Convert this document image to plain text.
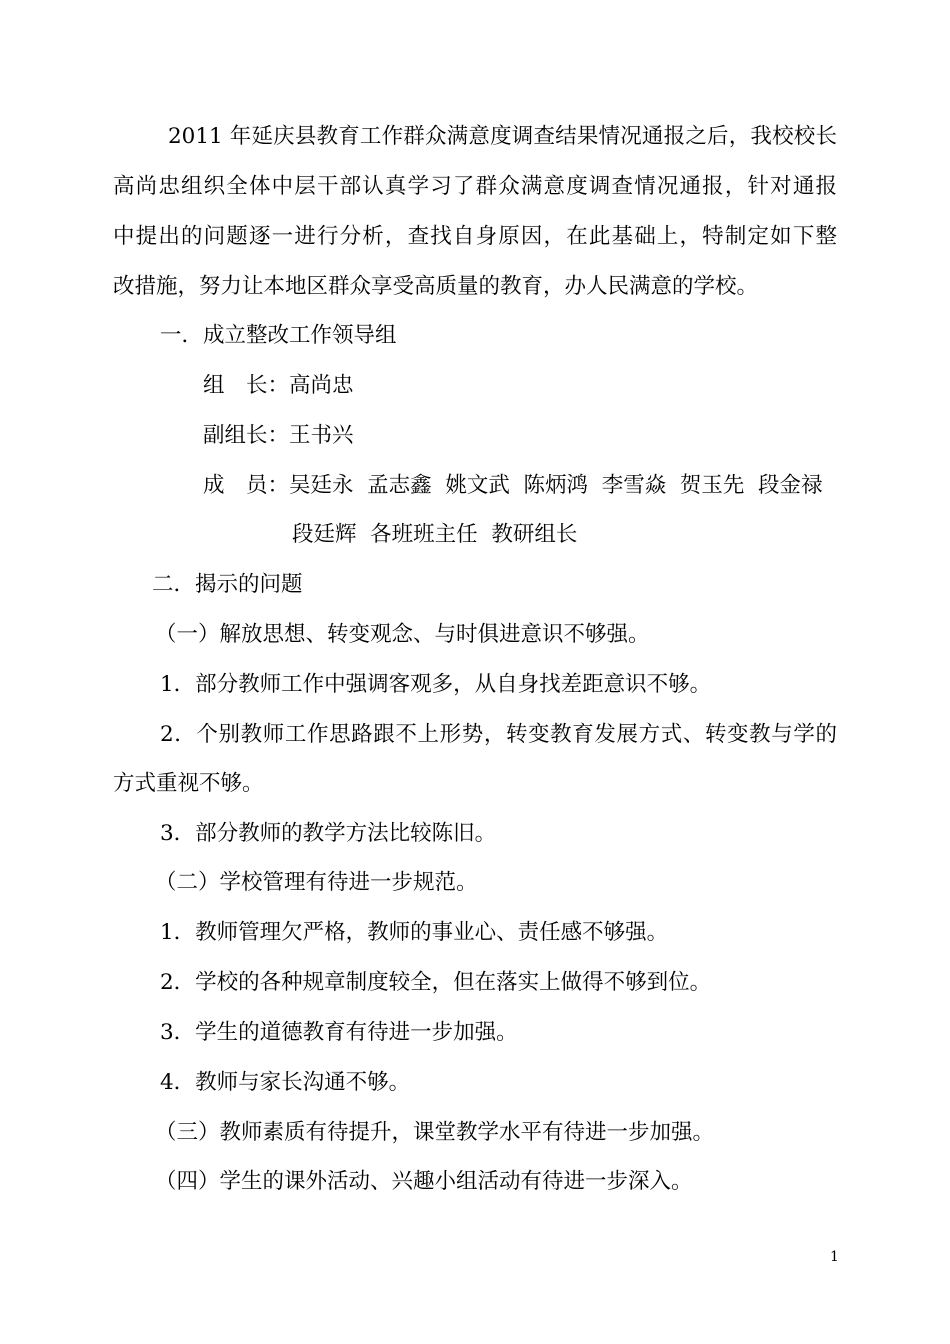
2011 年延庆县教育工作群众满意度调查结果情况通报之后，我校校长
高尚忠组织全体中层干部认真学习了群众满意度调查情况通报，针对通报
中提出的问题逐一进行分析，查找自身原因，在此基础上，特制定如下整
改措施，努力让本地区群众享受高质量的教育，办人民满意的学校。
一．成立整改工作领导组
组　长：高尚忠
副组长：王书兴
成　员：吴廷永  孟志鑫  姚文武  陈炳鸿  李雪焱  贺玉先  段金禄
段廷辉  各班班主任  教研组长
二．揭示的问题
（一）解放思想、转变观念、与时俱进意识不够强。
1．部分教师工作中强调客观多，从自身找差距意识不够。
2．个别教师工作思路跟不上形势，转变教育发展方式、转变教与学的
方式重视不够。
3．部分教师的教学方法比较陈旧。
（二）学校管理有待进一步规范。
1．教师管理欠严格，教师的事业心、责任感不够强。
2．学校的各种规章制度较全，但在落实上做得不够到位。
3．学生的道德教育有待进一步加强。
4．教师与家长沟通不够。
（三）教师素质有待提升，课堂教学水平有待进一步加强。
（四）学生的课外活动、兴趣小组活动有待进一步深入。
1
